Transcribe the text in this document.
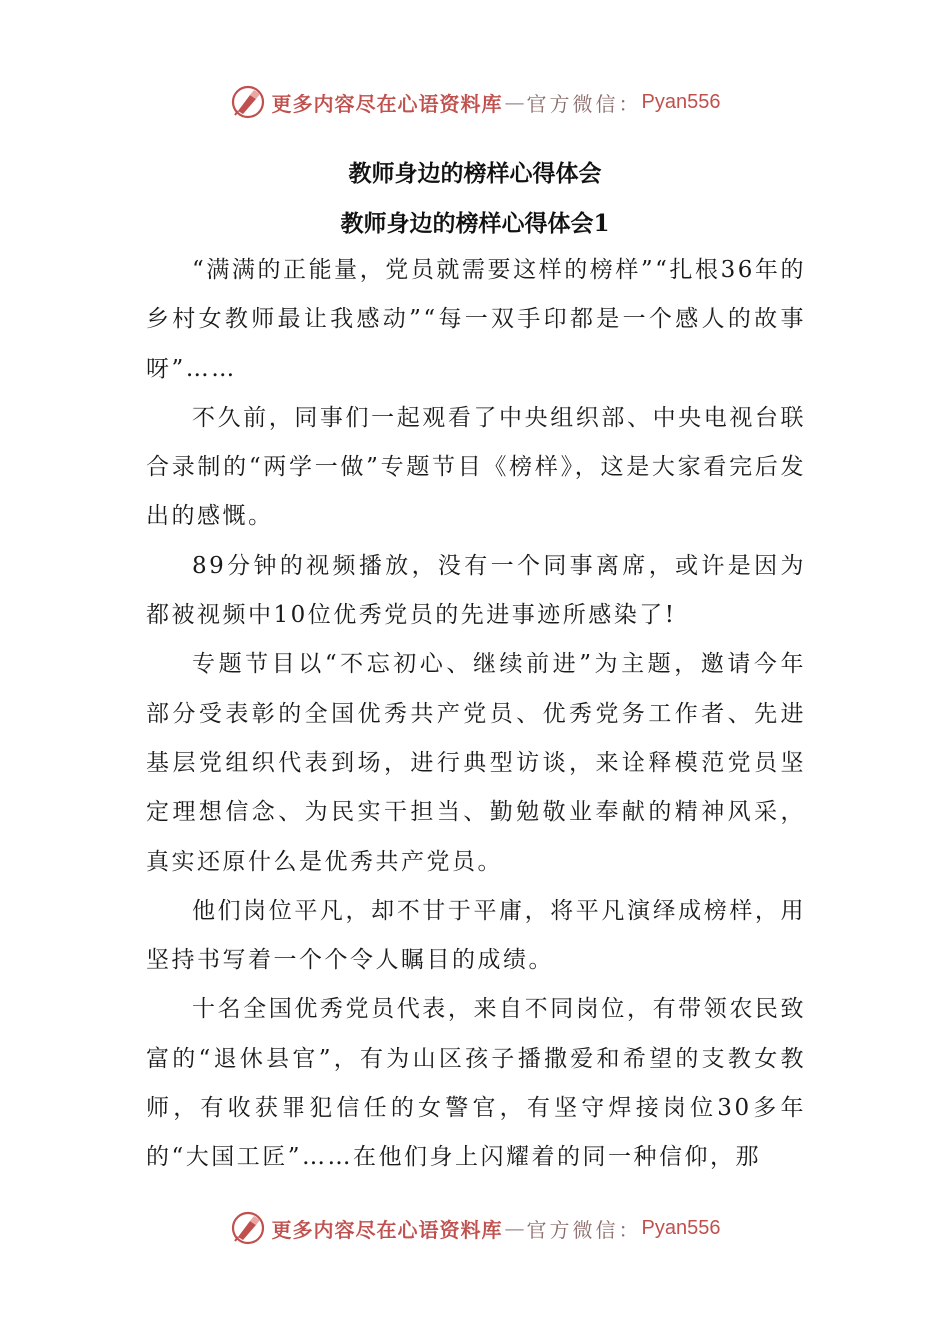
更多内容尽在心语资料库 — 官方微信： Pyan556
教师身边的榜样心得体会
教师身边的榜样心得体会1

“满满的正能量，党员就需要这样的榜样”“扎根36年的乡村女教师最让我感动”“每一双手印都是一个感人的故事呀”……

不久前，同事们一起观看了中央组织部、中央电视台联合录制的“两学一做”专题节目《榜样》，这是大家看完后发出的感慨。

89分钟的视频播放，没有一个同事离席，或许是因为都被视频中10位优秀党员的先进事迹所感染了!

专题节目以“不忘初心、继续前进”为主题，邀请今年部分受表彰的全国优秀共产党员、优秀党务工作者、先进基层党组织代表到场，进行典型访谈，来诠释模范党员坚定理想信念、为民实干担当、勤勉敬业奉献的精神风采，真实还原什么是优秀共产党员。

他们岗位平凡，却不甘于平庸，将平凡演绎成榜样，用坚持书写着一个个令人瞩目的成绩。

十名全国优秀党员代表，来自不同岗位，有带领农民致富的“退休县官”，有为山区孩子播撒爱和希望的支教女教师，有收获罪犯信任的女警官，有坚守焊接岗位30多年的“大国工匠”……在他们身上闪耀着的同一种信仰，那

更多内容尽在心语资料库 — 官方微信： Pyan556
